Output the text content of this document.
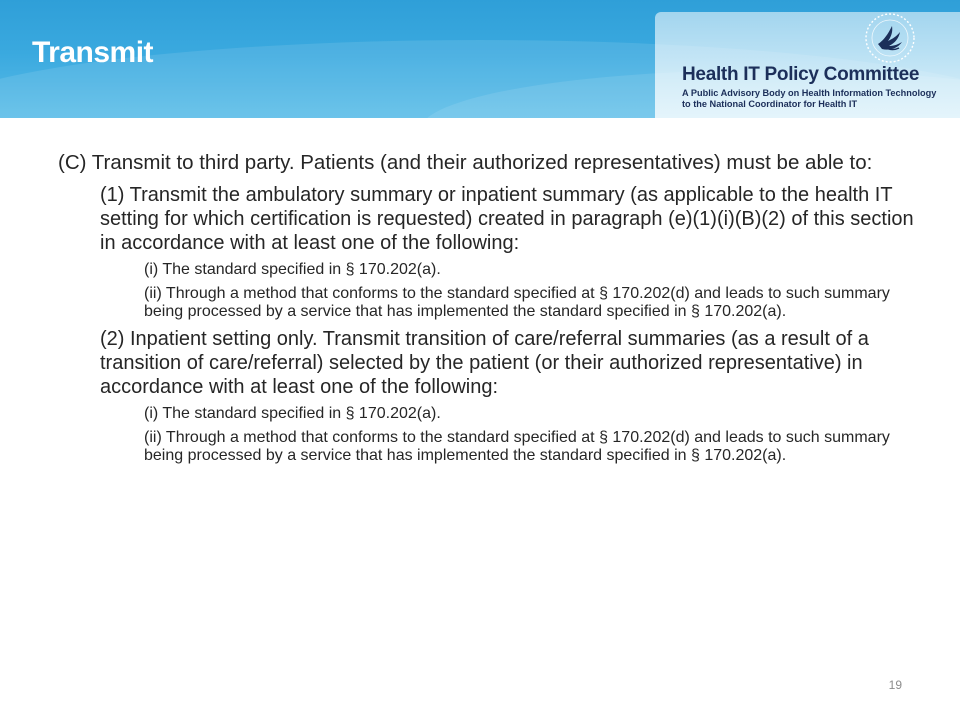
Transmit
Health IT Policy Committee
A Public Advisory Body on Health Information Technology
to the National Coordinator for Health IT

(C) Transmit to third party. Patients (and their authorized representatives) must be able to:

(1) Transmit the ambulatory summary or inpatient summary (as applicable to the health IT setting for which certification is requested) created in paragraph (e)(1)(i)(B)(2) of this section in accordance with at least one of the following:

(i) The standard specified in § 170.202(a).

(ii) Through a method that conforms to the standard specified at § 170.202(d) and leads to such summary being processed by a service that has implemented the standard specified in § 170.202(a).

(2) Inpatient setting only. Transmit transition of care/referral summaries (as a result of a transition of care/referral) selected by the patient (or their authorized representative) in accordance with at least one of the following:

(i) The standard specified in § 170.202(a).

(ii) Through a method that conforms to the standard specified at § 170.202(d) and leads to such summary being processed by a service that has implemented the standard specified in § 170.202(a).

19
